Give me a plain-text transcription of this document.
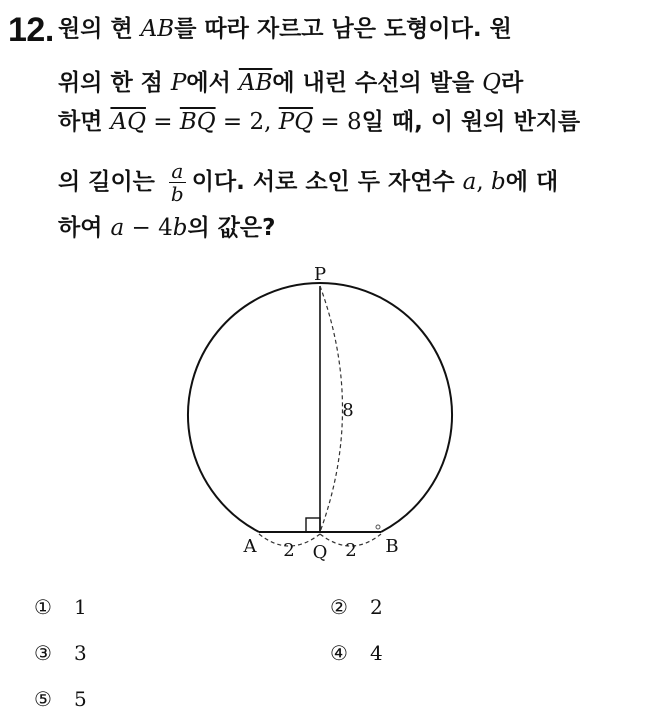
12. 원의 현 AB를 따라 자르고 남은 도형이다. 원
위의 한 점 P에서 $\overline{AB}$에 내린 수선의 발을 Q라
하면 $\overline{AQ} = \overline{BQ} = 2$, $\overline{PQ} = 8$일 때, 이 원의 반지름
의 길이는 $\frac{a}{b}$ 이다. 서로 소인 두 자연수 a, b에 대
하여 a − 4b의 값은?
P
A	Q	B
8
2	2
① 1	② 2
③ 3	④ 4
⑤ 5
